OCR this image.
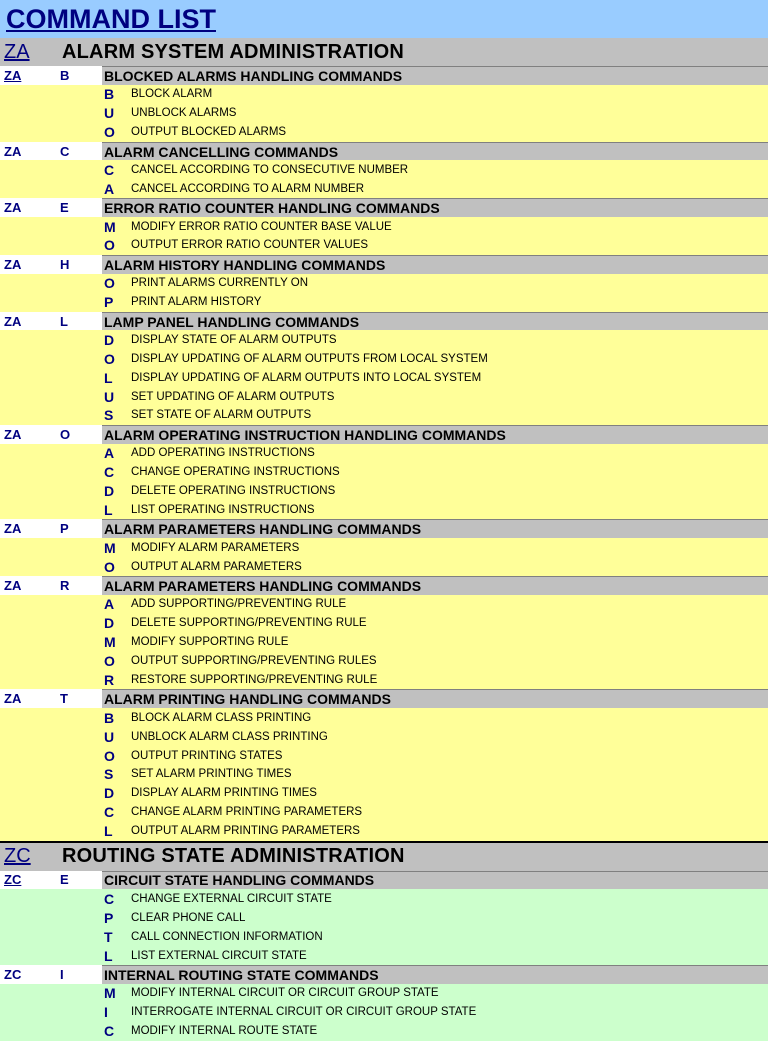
COMMAND LIST
ZA	ALARM SYSTEM ADMINISTRATION
ZA	B	BLOCKED ALARMS HANDLING COMMANDS
B	BLOCK ALARM
U	UNBLOCK ALARMS
O	OUTPUT BLOCKED ALARMS
ZA	C	ALARM CANCELLING COMMANDS
C	CANCEL ACCORDING TO CONSECUTIVE NUMBER
A	CANCEL ACCORDING TO ALARM NUMBER
ZA	E	ERROR RATIO COUNTER HANDLING COMMANDS
M	MODIFY ERROR RATIO COUNTER BASE VALUE
O	OUTPUT ERROR RATIO COUNTER VALUES
ZA	H	ALARM HISTORY HANDLING COMMANDS
O	PRINT ALARMS CURRENTLY ON
P	PRINT ALARM HISTORY
ZA	L	LAMP PANEL HANDLING COMMANDS
D	DISPLAY STATE OF ALARM OUTPUTS
O	DISPLAY UPDATING OF ALARM OUTPUTS FROM LOCAL SYSTEM
L	DISPLAY UPDATING OF ALARM OUTPUTS INTO LOCAL SYSTEM
U	SET UPDATING OF ALARM OUTPUTS
S	SET STATE OF ALARM OUTPUTS
ZA	O	ALARM OPERATING INSTRUCTION HANDLING COMMANDS
A	ADD OPERATING INSTRUCTIONS
C	CHANGE OPERATING INSTRUCTIONS
D	DELETE OPERATING INSTRUCTIONS
L	LIST OPERATING INSTRUCTIONS
ZA	P	ALARM PARAMETERS HANDLING COMMANDS
M	MODIFY ALARM PARAMETERS
O	OUTPUT ALARM PARAMETERS
ZA	R	ALARM PARAMETERS HANDLING COMMANDS
A	ADD SUPPORTING/PREVENTING RULE
D	DELETE SUPPORTING/PREVENTING RULE
M	MODIFY SUPPORTING RULE
O	OUTPUT SUPPORTING/PREVENTING RULES
R	RESTORE SUPPORTING/PREVENTING RULE
ZA	T	ALARM PRINTING HANDLING COMMANDS
B	BLOCK ALARM CLASS PRINTING
U	UNBLOCK ALARM CLASS PRINTING
O	OUTPUT PRINTING STATES
S	SET ALARM PRINTING TIMES
D	DISPLAY ALARM PRINTING TIMES
C	CHANGE ALARM PRINTING PARAMETERS
L	OUTPUT ALARM PRINTING PARAMETERS
ZC	ROUTING STATE ADMINISTRATION
ZC	E	CIRCUIT STATE HANDLING COMMANDS
C	CHANGE EXTERNAL CIRCUIT STATE
P	CLEAR PHONE CALL
T	CALL CONNECTION INFORMATION
L	LIST EXTERNAL CIRCUIT STATE
ZC	I	INTERNAL ROUTING STATE COMMANDS
M	MODIFY INTERNAL CIRCUIT OR CIRCUIT GROUP STATE
I	INTERROGATE INTERNAL CIRCUIT OR CIRCUIT GROUP STATE
C	MODIFY INTERNAL ROUTE STATE
